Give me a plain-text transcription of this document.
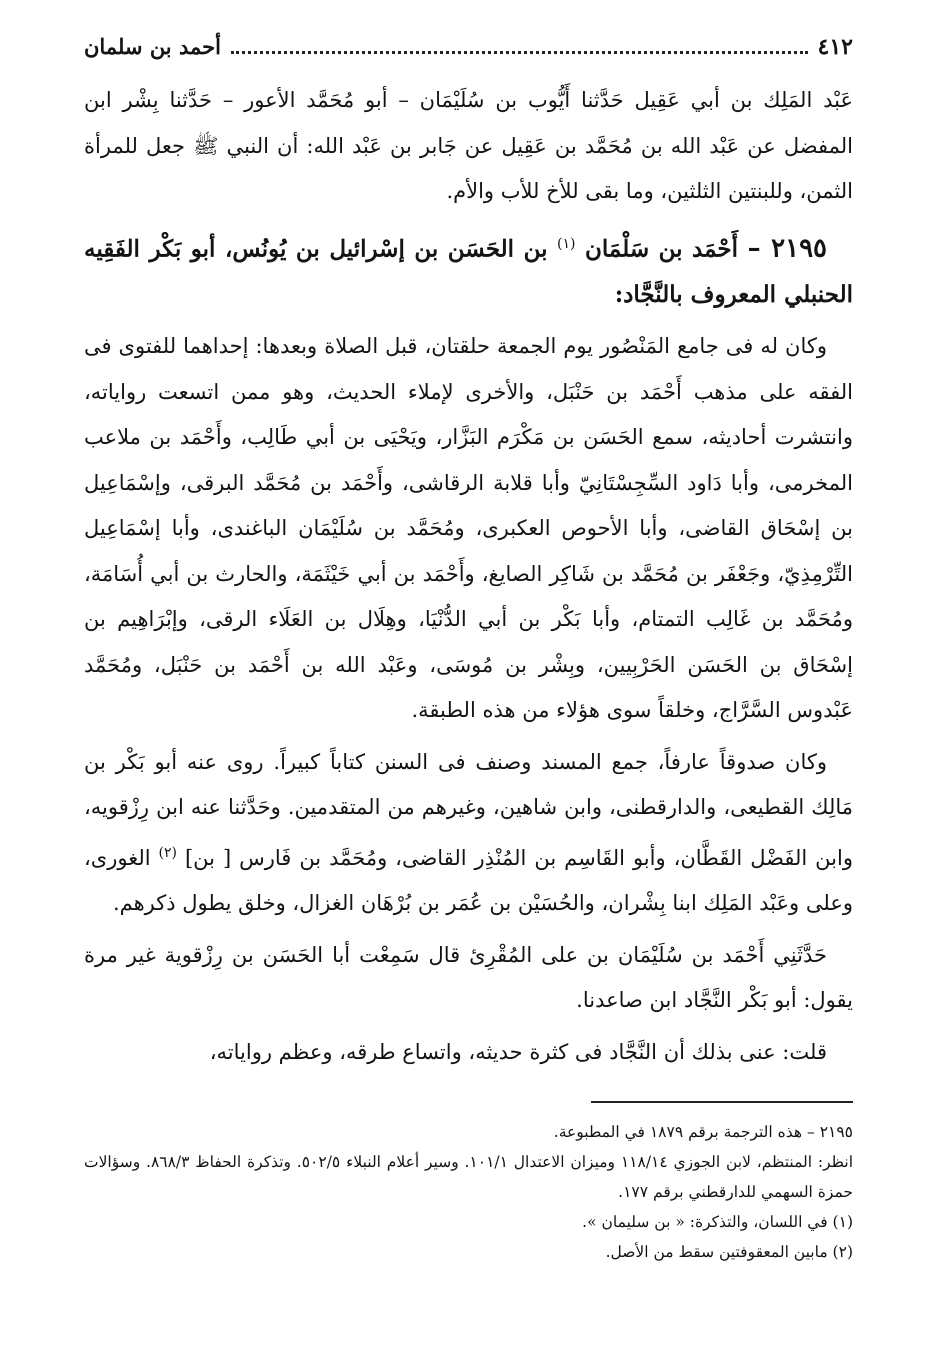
٤١٢
أحمد بن سلمان

عَبْد المَلِك بن أبي عَقِيل حَدَّثنا أَيُّوب بن سُلَيْمَان – أبو مُحَمَّد الأعور – حَدَّثنا بِشْر ابن المفضل عن عَبْد الله بن مُحَمَّد بن عَقِيل عن جَابر بن عَبْد الله: أن النبي ﷺ جعل للمرأة الثمن، وللبنتين الثلثين، وما بقى للأخ للأب والأم.

٢١٩٥ – أَحْمَد بن سَلْمَان $^{(١)}$ بن الحَسَن بن إسْرائيل بن يُونُس، أبو بَكْر الفَقِيه الحنبلي المعروف بالنَّجَّاد:

وكان له فى جامع المَنْصُور يوم الجمعة حلقتان، قبل الصلاة وبعدها: إحداهما للفتوى فى الفقه على مذهب أَحْمَد بن حَنْبَل، والأخرى لإملاء الحديث، وهو ممن اتسعت رواياته، وانتشرت أحاديثه، سمع الحَسَن بن مَكْرَم البَزَّار، ويَحْيَى بن أبي طَالِب، وأَحْمَد بن ملاعب المخرمى، وأبا دَاود السِّجِسْتَانِيّ وأبا قلابة الرقاشى، وأَحْمَد بن مُحَمَّد البرقى، وإسْمَاعِيل بن إسْحَاق القاضى، وأبا الأحوص العكبرى، ومُحَمَّد بن سُلَيْمَان الباغندى، وأبا إسْمَاعِيل التِّرْمِذِيّ، وجَعْفَر بن مُحَمَّد بن شَاكِر الصايغ، وأَحْمَد بن أبي خَيْثَمَة، والحارث بن أبي أُسَامَة، ومُحَمَّد بن غَالِب التمتام، وأبا بَكْر بن أبي الدُّنْيَا، وهِلَال بن العَلَاء الرقى، وإبْرَاهِيم بن إسْحَاق بن الحَسَن الحَرْبِيين، وبِشْر بن مُوسَى، وعَبْد الله بن أَحْمَد بن حَنْبَل، ومُحَمَّد عَبْدوس السَّرَّاج، وخلقاً سوى هؤلاء من هذه الطبقة.

وكان صدوقاً عارفاً، جمع المسند وصنف فى السنن كتاباً كبيراً. روى عنه أبو بَكْر بن مَالِك القطيعى، والدارقطنى، وابن شاهين، وغيرهم من المتقدمين. وحَدَّثنا عنه ابن رِزْقويه، وابن الفَضْل القَطَّان، وأبو القَاسِم بن المُنْذِر القاضى، ومُحَمَّد بن فَارس [ بن] $^{(٢)}$ الغورى، وعلى وعَبْد المَلِك ابنا بِشْران، والحُسَيْن بن عُمَر بن بُرْهَان الغزال، وخلق يطول ذكرهم.

حَدَّثَنِي أَحْمَد بن سُلَيْمَان بن على المُقْرِئ قال سَمِعْت أبا الحَسَن بن رِزْقوية غير مرة يقول: أبو بَكْر النَّجَّاد ابن صاعدنا.

قلت: عنى بذلك أن النَّجَّاد فى كثرة حديثه، واتساع طرقه، وعظم رواياته،

٢١٩٥ – هذه الترجمة برقم ١٨٧٩ في المطبوعة.

انظر: المنتظم، لابن الجوزي ١١٨/١٤ وميزان الاعتدال ١٠١/١. وسير أعلام النبلاء ٥٠٢/٥. وتذكرة الحفاظ ٨٦٨/٣. وسؤالات حمزة السهمي للدارقطني برقم ١٧٧.

(١) في اللسان، والتذكرة: « بن سليمان ».

(٢) مابين المعقوفتين سقط من الأصل.
